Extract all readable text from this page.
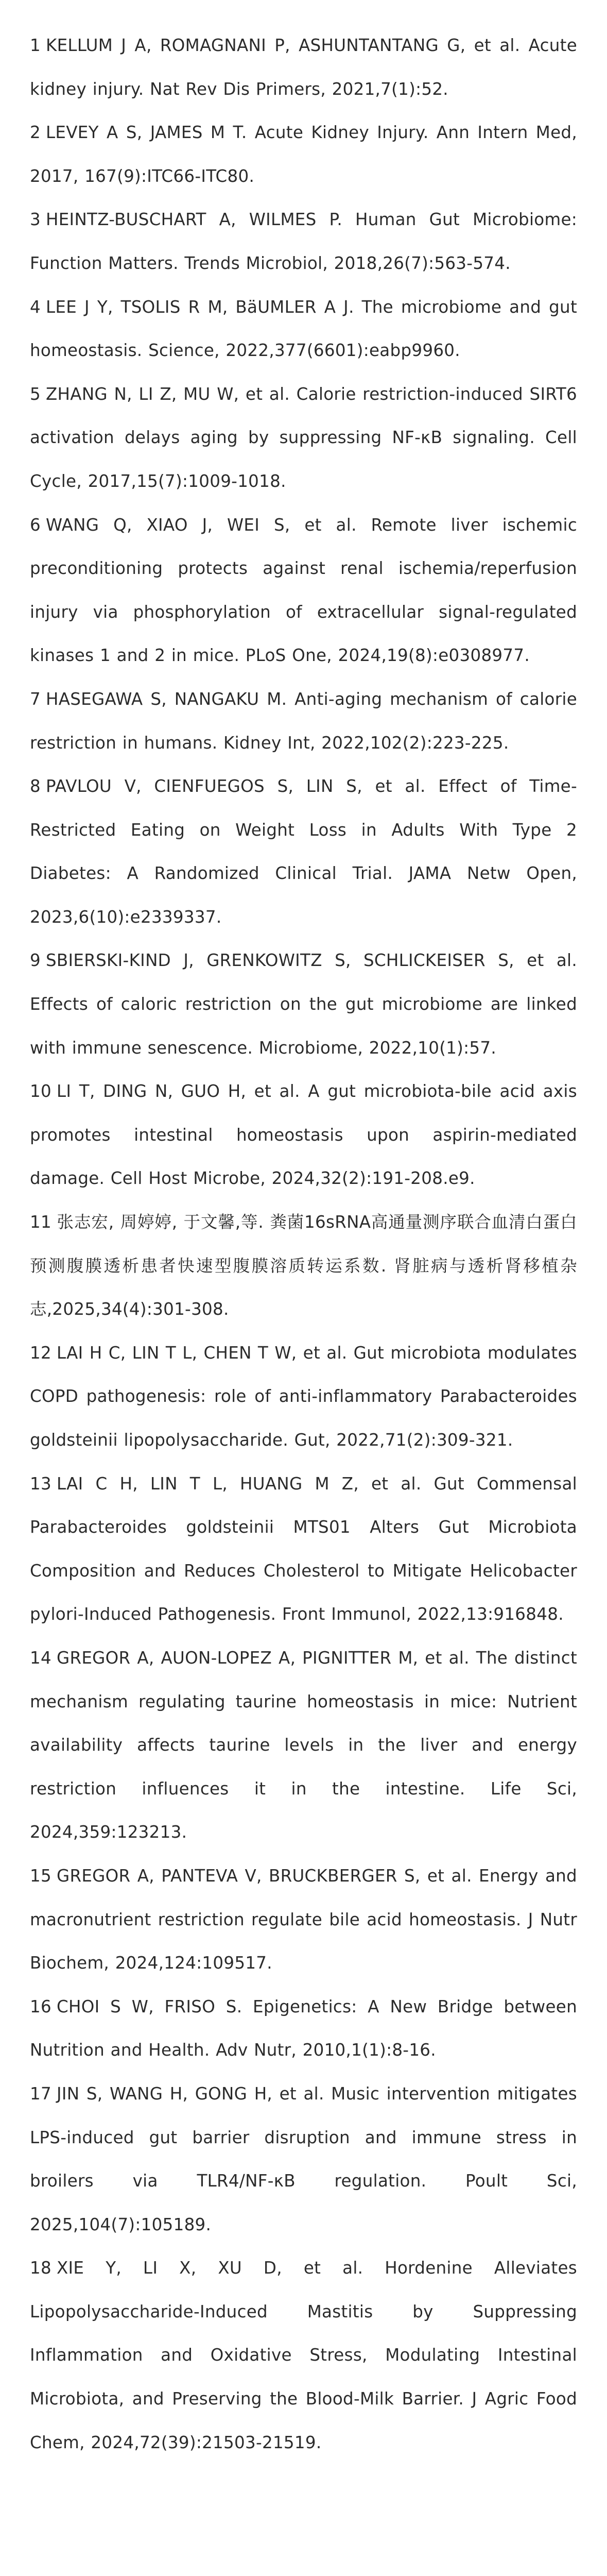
1 KELLUM J A, ROMAGNANI P, ASHUNTANTANG G, et al. Acute kidney injury. Nat Rev Dis Primers, 2021,7(1):52.
2 LEVEY A S, JAMES M T. Acute Kidney Injury. Ann Intern Med, 2017, 167(9):ITC66-ITC80.
3 HEINTZ-BUSCHART A, WILMES P. Human Gut Microbiome: Function Matters. Trends Microbiol, 2018,26(7):563-574.
4 LEE J Y, TSOLIS R M, BäUMLER A J. The microbiome and gut homeostasis. Science, 2022,377(6601):eabp9960.
5 ZHANG N, LI Z, MU W, et al. Calorie restriction-induced SIRT6 activation delays aging by suppressing NF-κB signaling. Cell Cycle, 2017,15(7):1009-1018.
6 WANG Q, XIAO J, WEI S, et al. Remote liver ischemic preconditioning protects against renal ischemia/reperfusion injury via phosphorylation of extracellular signal-regulated kinases 1 and 2 in mice. PLoS One, 2024,19(8):e0308977.
7 HASEGAWA S, NANGAKU M. Anti-aging mechanism of calorie restriction in humans. Kidney Int, 2022,102(2):223-225.
8 PAVLOU V, CIENFUEGOS S, LIN S, et al. Effect of Time-Restricted Eating on Weight Loss in Adults With Type 2 Diabetes: A Randomized Clinical Trial. JAMA Netw Open, 2023,6(10):e2339337.
9 SBIERSKI-KIND J, GRENKOWITZ S, SCHLICKEISER S, et al. Effects of caloric restriction on the gut microbiome are linked with immune senescence. Microbiome, 2022,10(1):57.
10 LI T, DING N, GUO H, et al. A gut microbiota-bile acid axis promotes intestinal homeostasis upon aspirin-mediated damage. Cell Host Microbe, 2024,32(2):191-208.e9.
11 张志宏, 周婷婷, 于文馨,等. 粪菌16sRNA高通量测序联合血清白蛋白预测腹膜透析患者快速型腹膜溶质转运系数. 肾脏病与透析肾移植杂志,2025,34(4):301-308.
12 LAI H C, LIN T L, CHEN T W, et al. Gut microbiota modulates COPD pathogenesis: role of anti-inflammatory Parabacteroides goldsteinii lipopolysaccharide. Gut, 2022,71(2):309-321.
13 LAI C H, LIN T L, HUANG M Z, et al. Gut Commensal Parabacteroides goldsteinii MTS01 Alters Gut Microbiota Composition and Reduces Cholesterol to Mitigate Helicobacter pylori-Induced Pathogenesis. Front Immunol, 2022,13:916848.
14 GREGOR A, AUON-LOPEZ A, PIGNITTER M, et al. The distinct mechanism regulating taurine homeostasis in mice: Nutrient availability affects taurine levels in the liver and energy restriction influences it in the intestine. Life Sci, 2024,359:123213.
15 GREGOR A, PANTEVA V, BRUCKBERGER S, et al. Energy and macronutrient restriction regulate bile acid homeostasis. J Nutr Biochem, 2024,124:109517.
16 CHOI S W, FRISO S. Epigenetics: A New Bridge between Nutrition and Health. Adv Nutr, 2010,1(1):8-16.
17 JIN S, WANG H, GONG H, et al. Music intervention mitigates LPS-induced gut barrier disruption and immune stress in broilers via TLR4/NF-κB regulation. Poult Sci, 2025,104(7):105189.
18 XIE Y, LI X, XU D, et al. Hordenine Alleviates Lipopolysaccharide-Induced Mastitis by Suppressing Inflammation and Oxidative Stress, Modulating Intestinal Microbiota, and Preserving the Blood-Milk Barrier. J Agric Food Chem, 2024,72(39):21503-21519.
